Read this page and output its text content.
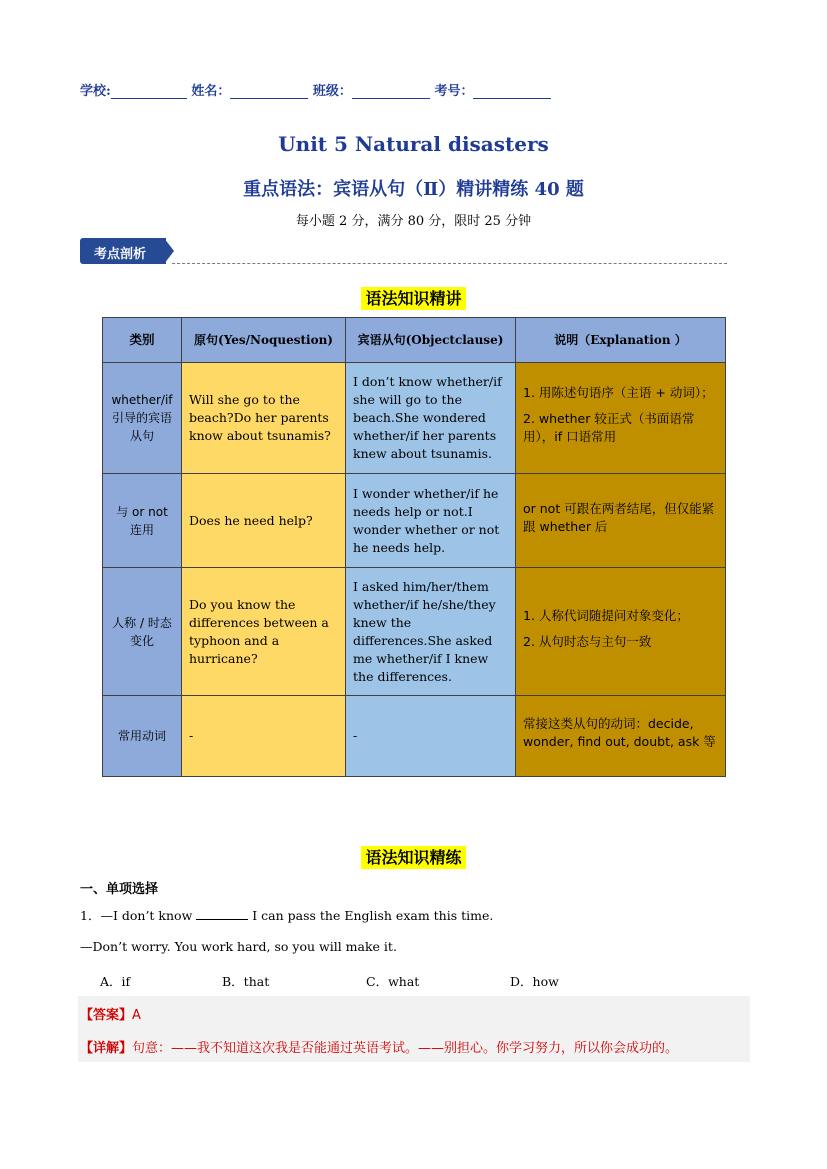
学校:	姓名：	班级：	考号：
Unit 5 Natural disasters
重点语法：宾语从句（Ⅱ）精讲精练 40 题
每小题 2 分，满分 80 分，限时 25 分钟
考点剖析
语法知识精讲
类别	原句(Yes/Noquestion)	宾语从句(Objectclause)	说明（Explanation ）
whether/if引导的宾语从句	Will she go to the beach?Do her parents know about tsunamis?	I don’t know whether/if she will go to the beach.She wondered whether/if her parents knew about tsunamis.	1. 用陈述句语序（主语 + 动词）；
2. whether 较正式（书面语常用），if 口语常用

与 or not 连用	Does he need help?	I wonder whether/if he needs help or not.I wonder whether or not he needs help.	or not 可跟在两者结尾，但仅能紧跟 whether 后

人称 / 时态变化	Do you know the differences between a typhoon and a hurricane?	I asked him/her/them whether/if he/she/they knew the differences.She asked me whether/if I knew the differences.	1. 人称代词随提问对象变化；
2. 从句时态与主句一致

常用动词	-	-	常接这类从句的动词：decide, wonder, find out, doubt, ask 等
语法知识精练
一、单项选择
1．—I don’t know	I can pass the English exam this time.
—Don’t worry. You work hard, so you will make it.
A．if	B．that	C．what	D．how
【答案】A
【详解】句意：——我不知道这次我是否能通过英语考试。——别担心。你学习努力，所以你会成功的。
